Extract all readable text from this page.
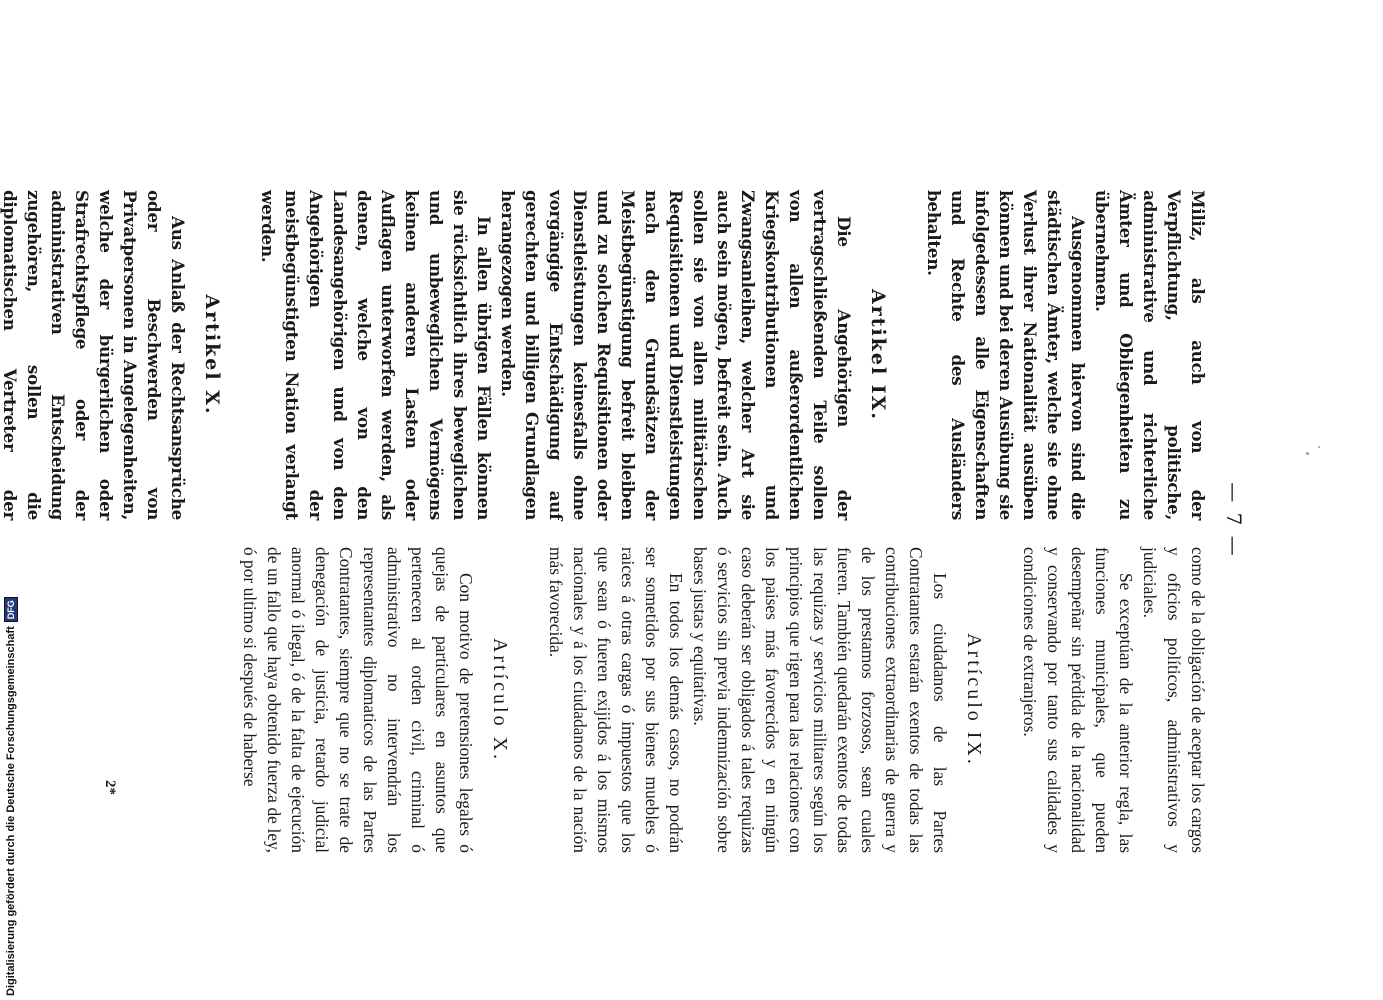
— 7 —

Miliz, als auch von der Verpflichtung, politische, administrative und richterliche Ämter und Obliegenheiten zu übernehmen.

Ausgenommen hiervon sind die städtischen Ämter, welche sie ohne Verlust ihrer Nationalität ausüben können und bei deren Ausübung sie infolgedessen alle Eigenschaften und Rechte des Ausländers behalten.

Artikel IX.

Die Angehörigen der vertragschließenden Teile sollen von allen außerordentlichen Kriegskontributionen und Zwangsanleihen, welcher Art sie auch sein mögen, befreit sein. Auch sollen sie von allen militärischen Requisitionen und Dienstleistungen nach den Grundsätzen der Meistbegünstigung befreit bleiben und zu solchen Requisitionen oder Dienstleistungen keinesfalls ohne vorgängige Entschädigung auf gerechten und billigen Grundlagen herangezogen werden.

In allen übrigen Fällen können sie rücksichtlich ihres beweglichen und unbeweglichen Vermögens keinen anderen Lasten oder Auflagen unterworfen werden, als denen, welche von den Landesangehörigen und von den Angehörigen der meistbegünstigten Nation verlangt werden.

Artikel X.

Aus Anlaß der Rechtsansprüche oder Beschwerden von Privatpersonen in Angelegenheiten, welche der bürgerlichen oder Strafrechtspflege oder der administrativen Entscheidung zugehören, sollen die diplomatischen Vertreter der

como de la obligación de aceptar los cargos y oficios políticos, administrativos y judiciales.

Se exceptúan de la anterior regla, las funciones municipales, que pueden desempeñar sin pérdida de la nacionalidad y conservando por tanto sus calidades y condiciones de extranjeros.

Artículo IX.

Los ciudadanos de las Partes Contratantes estarán exentos de todas las contribuciones extraordinarias de guerra y de los prestamos forzosos, sean cuales fueren. También quedarán exentos de todas las requizas y servicios militares según los principios que rigen para las relaciones con los paises más favorecidos y en ningún caso deberán ser obligados á tales requizas ó servicios sin previa indemnización sobre bases justas y equitativas.

En todos los demás casos, no podrán ser sometidos por sus bienes muebles ó raices á otras cargas ó impuestos que los que sean ó fueren exijidos á los mismos nacionales y á los ciudadanos de la nación más favorecida.

Artículo X.

Con motivo de pretensiones legales ó quejas de particulares en asuntos que pertenecen al orden civil, criminal ó administrativo no intervendrán los representantes diplomaticos de las Partes Contratantes, siempre que no se trate de denegación de justicia, retardo judicial anormal ó ilegal, ó de la falta de ejecución de un fallo que haya obtenido fuerza de ley, ó por ultimo si después de haberse

2*
Digitalisierung gefördert durch die Deutsche Forschungsgemeinschaft
DFG
